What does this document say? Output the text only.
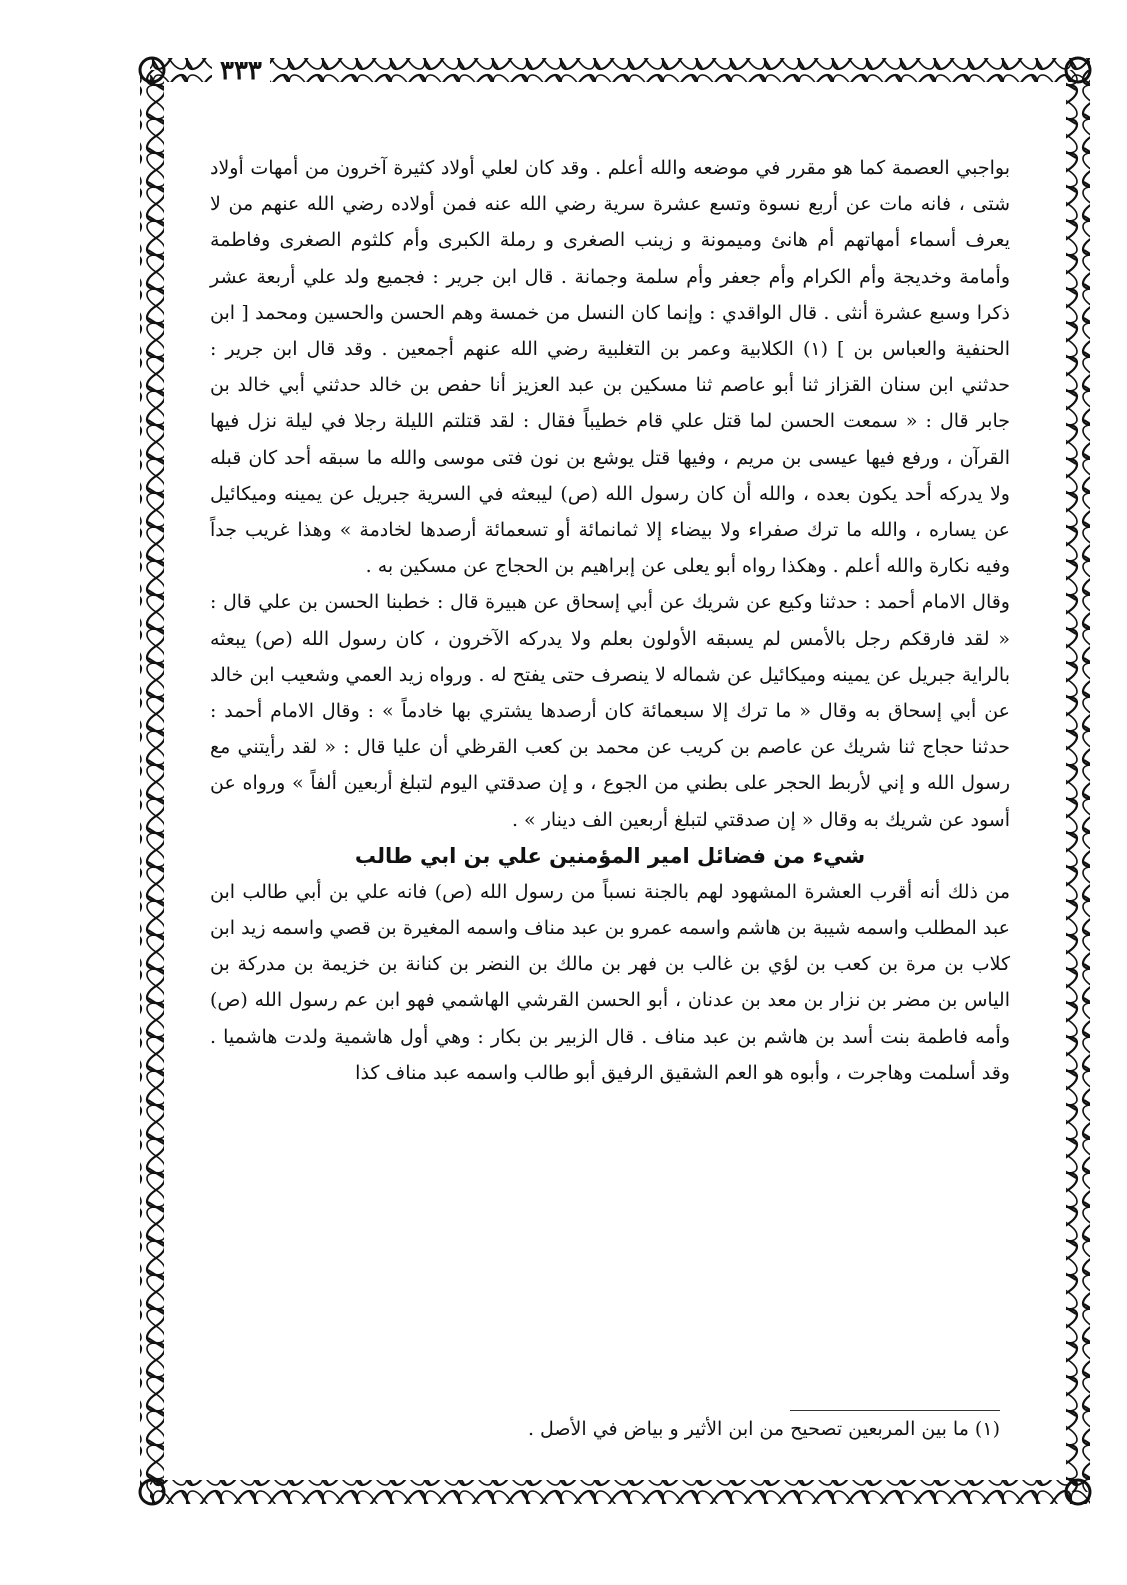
٣٣٣

بواجبي العصمة كما هو مقرر في موضعه والله أعلم . وقد كان لعلي أولاد كثيرة آخرون من أمهات أولاد شتى ، فانه مات عن أربع نسوة وتسع عشرة سرية رضي الله عنه فمن أولاده رضي الله عنهم من لا يعرف أسماء أمهاتهم أم هانئ وميمونة و زينب الصغرى و رملة الكبرى وأم كلثوم الصغرى وفاطمة وأمامة وخديجة وأم الكرام وأم جعفر وأم سلمة وجمانة . قال ابن جرير : فجميع ولد علي أربعة عشر ذكرا وسبع عشرة أنثى . قال الواقدي : وإنما كان النسل من خمسة وهم الحسن والحسين ومحمد [ ابن الحنفية والعباس بن ] (١) الكلابية وعمر بن التغلبية رضي الله عنهم أجمعين . وقد قال ابن جرير : حدثني ابن سنان القزاز ثنا أبو عاصم ثنا مسكين بن عبد العزيز أنا حفص بن خالد حدثني أبي خالد بن جابر قال : « سمعت الحسن لما قتل علي قام خطيباً فقال : لقد قتلتم الليلة رجلا في ليلة نزل فيها القرآن ، ورفع فيها عيسى بن مريم ، وفيها قتل يوشع بن نون فتى موسى والله ما سبقه أحد كان قبله ولا يدركه أحد يكون بعده ، والله أن كان رسول الله (ص) ليبعثه في السرية جبريل عن يمينه وميكائيل عن يساره ، والله ما ترك صفراء ولا بيضاء إلا ثمانمائة أو تسعمائة أرصدها لخادمة » وهذا غريب جداً وفيه نكارة والله أعلم . وهكذا رواه أبو يعلى عن إبراهيم بن الحجاج عن مسكين به .

وقال الامام أحمد : حدثنا وكيع عن شريك عن أبي إسحاق عن هبيرة قال : خطبنا الحسن بن علي قال : « لقد فارقكم رجل بالأمس لم يسبقه الأولون بعلم ولا يدركه الآخرون ، كان رسول الله (ص) يبعثه بالراية جبريل عن يمينه وميكائيل عن شماله لا ينصرف حتى يفتح له . ورواه زيد العمي وشعيب ابن خالد عن أبي إسحاق به وقال « ما ترك إلا سبعمائة كان أرصدها يشتري بها خادماً » : وقال الامام أحمد : حدثنا حجاج ثنا شريك عن عاصم بن كريب عن محمد بن كعب القرظي أن عليا قال : « لقد رأيتني مع رسول الله و إني لأربط الحجر على بطني من الجوع ، و إن صدقتي اليوم لتبلغ أربعين ألفاً » ورواه عن أسود عن شريك به وقال « إن صدقتي لتبلغ أربعين الف دينار » .

شيء من فضائل امير المؤمنين علي بن ابي طالب

من ذلك أنه أقرب العشرة المشهود لهم بالجنة نسباً من رسول الله (ص) فانه علي بن أبي طالب ابن عبد المطلب واسمه شيبة بن هاشم واسمه عمرو بن عبد مناف واسمه المغيرة بن قصي واسمه زيد ابن كلاب بن مرة بن كعب بن لؤي بن غالب بن فهر بن مالك بن النضر بن كنانة بن خزيمة بن مدركة بن الياس بن مضر بن نزار بن معد بن عدنان ، أبو الحسن القرشي الهاشمي فهو ابن عم رسول الله (ص) وأمه فاطمة بنت أسد بن هاشم بن عبد مناف . قال الزبير بن بكار : وهي أول هاشمية ولدت هاشميا . وقد أسلمت وهاجرت ، وأبوه هو العم الشقيق الرفيق أبو طالب واسمه عبد مناف كذا

(١) ما بين المربعين تصحيح من ابن الأثير و بياض في الأصل .
